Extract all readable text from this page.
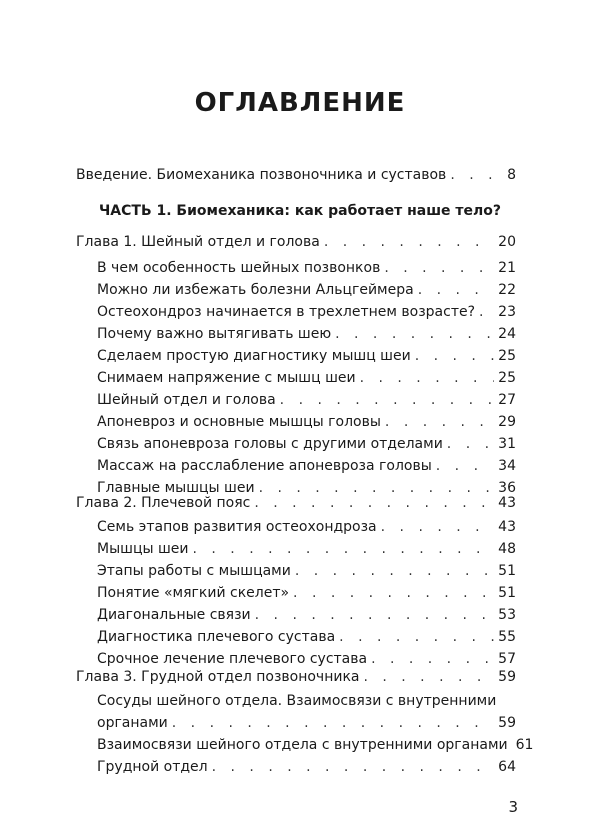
ОГЛАВЛЕНИЕ
Введение. Биомеханика позвоночника и суставов . . .	8
ЧАСТЬ 1. Биомеханика: как работает наше тело?
Глава 1. Шейный отдел и голова . . .	20
В чем особенность шейных позвонков . . .	21
Можно ли избежать болезни Альцгеймера . . .	22
Остеохондроз начинается в трехлетнем возрасте? . . . 23
Почему важно вытягивать шею . . .	24
Сделаем простую диагностику мышц шеи . . .	25
Снимаем напряжение с мышц шеи . . .	25
Шейный отдел и голова . . .	27
Апоневроз и основные мышцы головы . . .	29
Связь апоневроза головы с другими отделами . . .	31
Массаж на расслабление апоневроза головы . . .	34
Главные мышцы шеи . . .	36
Глава 2. Плечевой пояс . . .	43
Семь этапов развития остеохондроза . . .	43
Мышцы шеи . . .	48
Этапы работы с мышцами . . .	51
Понятие «мягкий скелет» . . .	51
Диагональные связи . . .	53
Диагностика плечевого сустава . . .	55
Срочное лечение плечевого сустава . . .	57
Глава 3. Грудной отдел позвоночника . . .	59
Сосуды шейного отдела. Взаимосвязи с внутренними
органами . . .	59
Взаимосвязи шейного отдела с внутренними органами 61
Грудной отдел . . .	64
3
